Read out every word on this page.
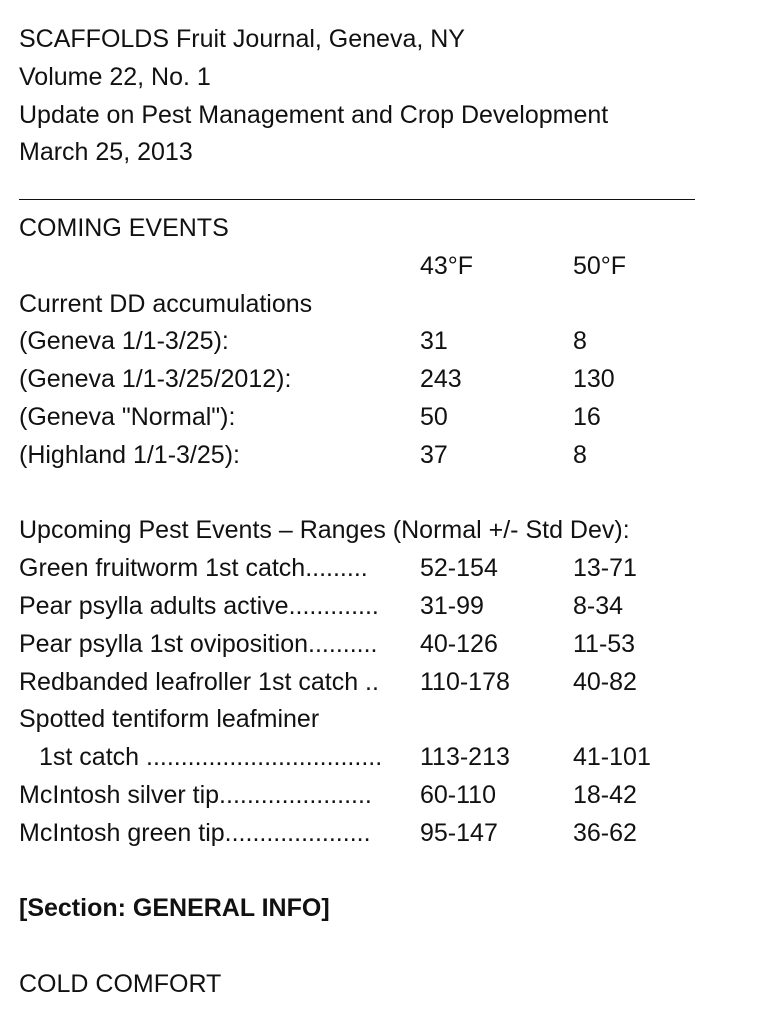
SCAFFOLDS Fruit Journal, Geneva, NY
Volume 22, No. 1
Update on Pest Management and Crop Development
March 25, 2013
COMING EVENTS
43°F	50°F
Current DD accumulations
(Geneva 1/1-3/25):	31	8
(Geneva 1/1-3/25/2012):	243	130
(Geneva "Normal"):	50	16
(Highland 1/1-3/25):	37	8
Upcoming Pest Events – Ranges (Normal +/- Std Dev):
Green fruitworm 1st catch......... 52-154	13-71
Pear psylla adults active............. 31-99	8-34
Pear psylla 1st oviposition.......... 40-126	11-53
Redbanded leafroller 1st catch .. 110-178	40-82
Spotted tentiform leafminer
1st catch .................................. 113-213	41-101
McIntosh silver tip...................... 60-110	18-42
McIntosh green tip..................... 95-147	36-62
[Section: GENERAL INFO]
COLD COMFORT
